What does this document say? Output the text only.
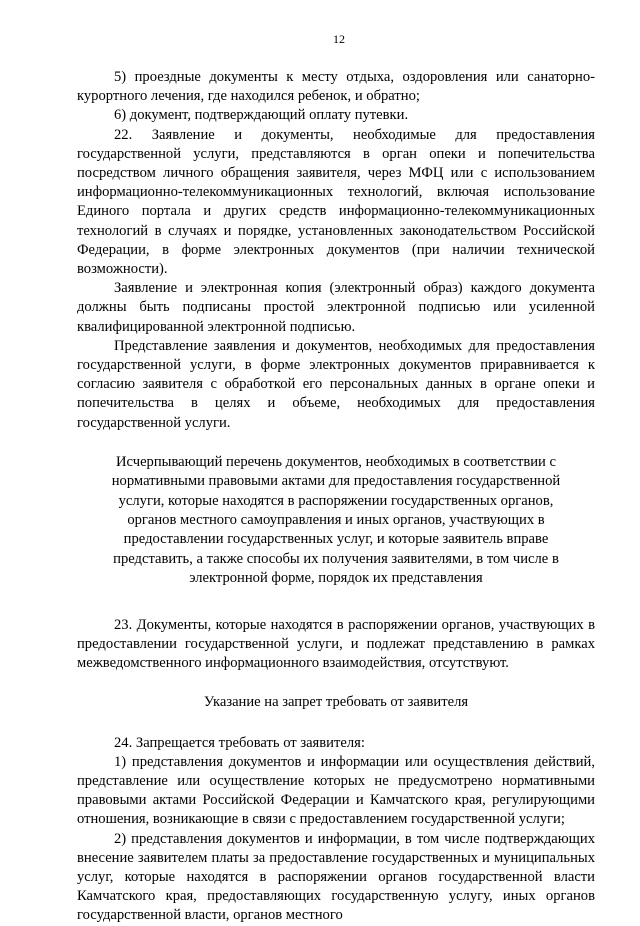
12

5) проездные документы к месту отдыха, оздоровления или санаторно-курортного лечения, где находился ребенок, и обратно;

6) документ, подтверждающий оплату путевки.

22. Заявление и документы, необходимые для предоставления государственной услуги, представляются в орган опеки и попечительства посредством личного обращения заявителя, через МФЦ или с использованием информационно-телекоммуникационных технологий, включая использование Единого портала и других средств информационно-телекоммуникационных технологий в случаях и порядке, установленных законодательством Российской Федерации, в форме электронных документов (при наличии технической возможности).

Заявление и электронная копия (электронный образ) каждого документа должны быть подписаны простой электронной подписью или усиленной квалифицированной электронной подписью.

Представление заявления и документов, необходимых для предоставления государственной услуги, в форме электронных документов приравнивается к согласию заявителя с обработкой его персональных данных в органе опеки и попечительства в целях и объеме, необходимых для предоставления государственной услуги.

Исчерпывающий перечень документов, необходимых в соответствии с нормативными правовыми актами для предоставления государственной услуги, которые находятся в распоряжении государственных органов, органов местного самоуправления и иных органов, участвующих в предоставлении государственных услуг, и которые заявитель вправе представить, а также способы их получения заявителями, в том числе в электронной форме, порядок их представления

23. Документы, которые находятся в распоряжении органов, участвующих в предоставлении государственной услуги, и подлежат представлению в рамках межведомственного информационного взаимодействия, отсутствуют.

Указание на запрет требовать от заявителя

24. Запрещается требовать от заявителя:

1) представления документов и информации или осуществления действий, представление или осуществление которых не предусмотрено нормативными правовыми актами Российской Федерации и Камчатского края, регулирующими отношения, возникающие в связи с предоставлением государственной услуги;

2) представления документов и информации, в том числе подтверждающих внесение заявителем платы за предоставление государственных и муниципальных услуг, которые находятся в распоряжении органов государственной власти Камчатского края, предоставляющих государственную услугу, иных органов государственной власти, органов местного
